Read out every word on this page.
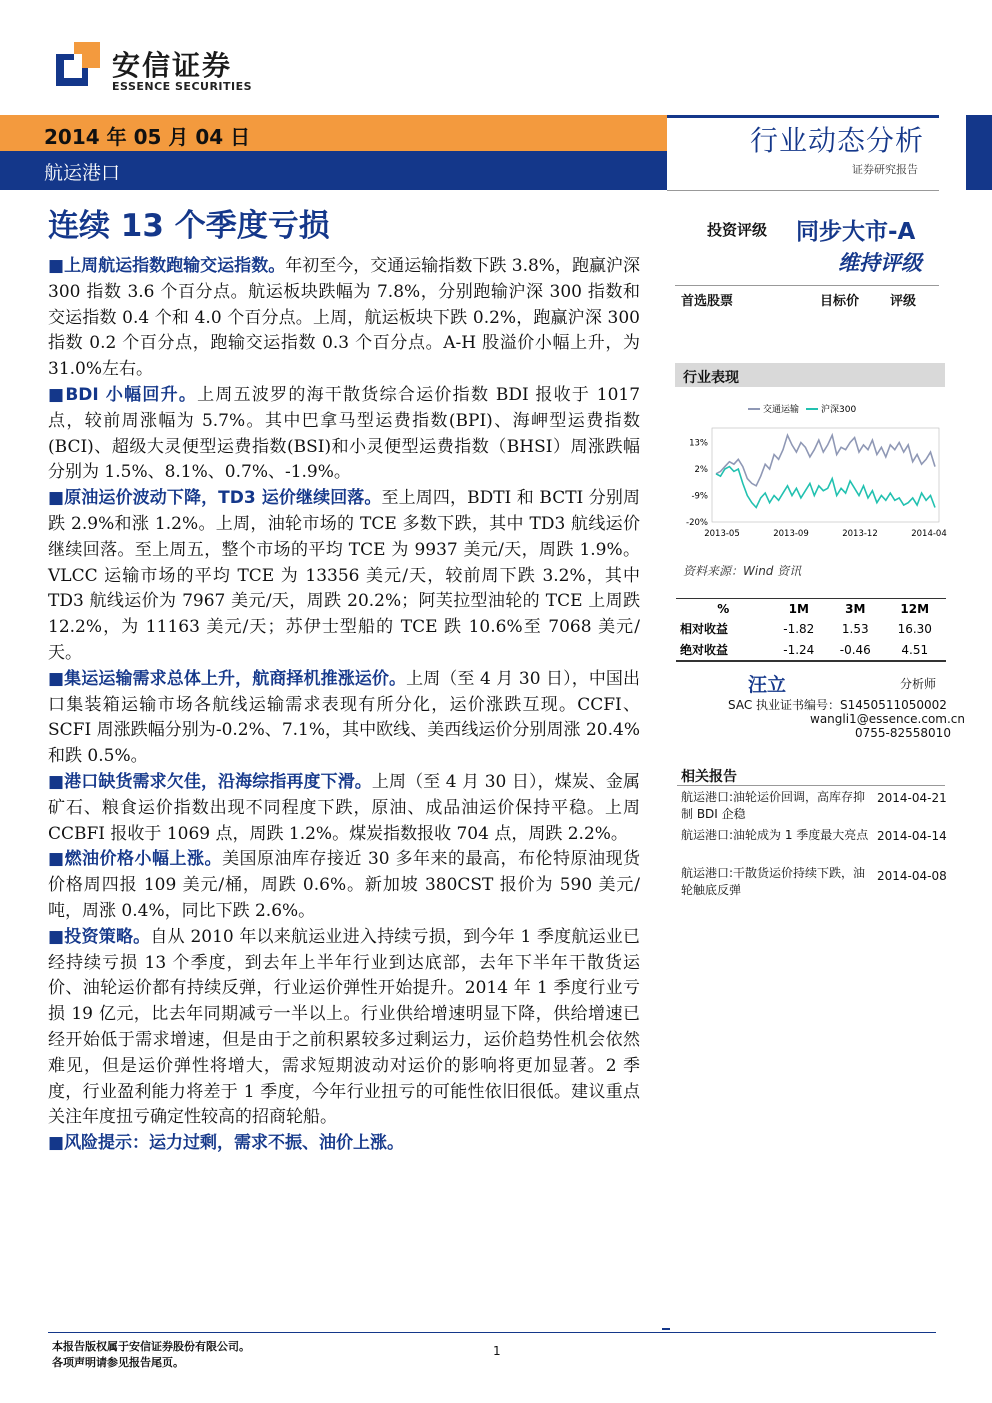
安信证券
ESSENCE SECURITIES
2014 年 05 月 04 日
航运港口
行业动态分析
证券研究报告
连续 13 个季度亏损

■上周航运指数跑输交运指数。年初至今，交通运输指数下跌 3.8%，跑赢沪深 300 指数 3.6 个百分点。航运板块跌幅为 7.8%，分别跑输沪深 300 指数和交运指数 0.4 个和 4.0 个百分点。上周，航运板块下跌 0.2%，跑赢沪深 300 指数 0.2 个百分点，跑输交运指数 0.3 个百分点。A-H 股溢价小幅上升，为 31.0%左右。

■BDI 小幅回升。上周五波罗的海干散货综合运价指数 BDI 报收于 1017 点，较前周涨幅为 5.7%。其中巴拿马型运费指数(BPI)、海岬型运费指数(BCI)、超级大灵便型运费指数(BSI)和小灵便型运费指数（BHSI）周涨跌幅分别为 1.5%、8.1%、0.7%、-1.9%。

■原油运价波动下降，TD3 运价继续回落。至上周四，BDTI 和 BCTI 分别周跌 2.9%和涨 1.2%。上周，油轮市场的 TCE 多数下跌，其中 TD3 航线运价继续回落。至上周五，整个市场的平均 TCE 为 9937 美元/天，周跌 1.9%。VLCC 运输市场的平均 TCE 为 13356 美元/天，较前周下跌 3.2%，其中 TD3 航线运价为 7967 美元/天，周跌 20.2%；阿芙拉型油轮的 TCE 上周跌 12.2%，为 11163 美元/天；苏伊士型船的 TCE 跌 10.6%至 7068 美元/天。

■集运运输需求总体上升，航商择机推涨运价。上周（至 4 月 30 日），中国出口集装箱运输市场各航线运输需求表现有所分化，运价涨跌互现。CCFI、SCFI 周涨跌幅分别为-0.2%、7.1%，其中欧线、美西线运价分别周涨 20.4%和跌 0.5%。

■港口缺货需求欠佳，沿海综指再度下滑。上周（至 4 月 30 日），煤炭、金属矿石、粮食运价指数出现不同程度下跌，原油、成品油运价保持平稳。上周 CCBFI 报收于 1069 点，周跌 1.2%。煤炭指数报收 704 点，周跌 2.2%。

■燃油价格小幅上涨。美国原油库存接近 30 多年来的最高，布伦特原油现货价格周四报 109 美元/桶，周跌 0.6%。新加坡 380CST 报价为 590 美元/吨，周涨 0.4%，同比下跌 2.6%。

■投资策略。自从 2010 年以来航运业进入持续亏损，到今年 1 季度航运业已经持续亏损 13 个季度，到去年上半年行业到达底部，去年下半年干散货运价、油轮运价都有持续反弹，行业运价弹性开始提升。2014 年 1 季度行业亏损 19 亿元，比去年同期减亏一半以上。行业供给增速明显下降，供给增速已经开始低于需求增速，但是由于之前积累较多过剩运力，运价趋势性机会依然难见，但是运价弹性将增大，需求短期波动对运价的影响将更加显著。2 季度，行业盈利能力将差于 1 季度，今年行业扭亏的可能性依旧很低。建议重点关注年度扭亏确定性较高的招商轮船。

■风险提示：运力过剩，需求不振、油价上涨。

投资评级 同步大市-A
维持评级
首选股票	目标价 评级
行业表现
交通运输 沪深300
13%
2%
-9%
-20%
2013-05	2013-09	2013-12	2014-04
资料来源：Wind 资讯
%	1M	3M	12M
相对收益	-1.82	1.53	16.30
绝对收益	-1.24	-0.46	4.51
汪立	分析师
SAC 执业证书编号：S1450511050002
wangli1@essence.com.cn
0755-82558010
相关报告
航运港口:油轮运价回调，高库存抑制 BDI 企稳
2014-04-21
航运港口:油轮成为 1 季度最大亮点 2014-04-14
航运港口:干散货运价持续下跌，油轮触底反弹
2014-04-08
本报告版权属于安信证券股份有限公司。
各项声明请参见报告尾页。
1
